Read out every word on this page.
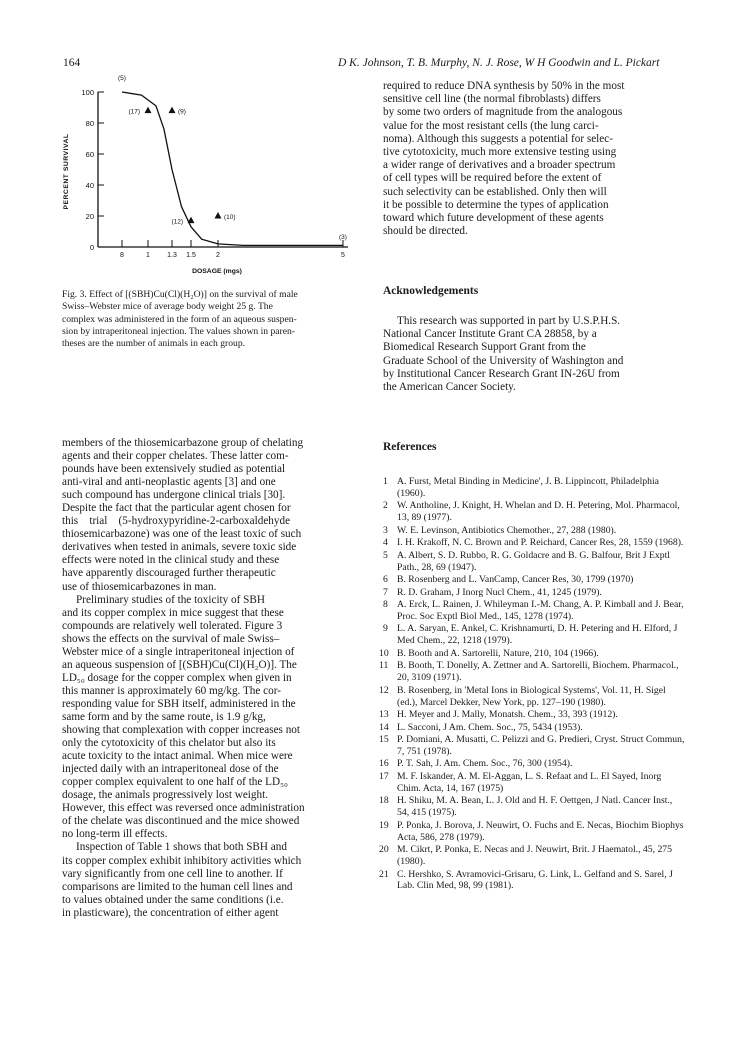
164	D K. Johnson, T. B. Murphy, N. J. Rose, W H Goodwin and L. Pickart
0
20
40
60
80
100
8	1 1.3 1.5	2	5
(5)
(17)	(9)
(12)
(10)
(3)
DOSAGE (mgs)
PERCENT SURVIVAL
Fig. 3. Effect of [(SBH)Cu(Cl)(H₂O)] on the survival of male
Swiss–Webster mice of average body weight 25 g. The
complex was administered in the form of an aqueous suspen-
sion by intraperitoneal injection. The values shown in paren-
theses are the number of animals in each group.
members of the thiosemicarbazone group of chelating
agents and their copper chelates. These latter com-
pounds have been extensively studied as potential
anti-viral and anti-neoplastic agents [3] and one
such compound has undergone clinical trials [30].
Despite the fact that the particular agent chosen for
this    trial    (5-hydroxypyridine-2-carboxaldehyde
thiosemicarbazone) was one of the least toxic of such
derivatives when tested in animals, severe toxic side
effects were noted in the clinical study and these
have apparently discouraged further therapeutic
use of thiosemicarbazones in man.
Preliminary studies of the toxicity of SBH
and its copper complex in mice suggest that these
compounds are relatively well tolerated. Figure 3
shows the effects on the survival of male Swiss–
Webster mice of a single intraperitoneal injection of
an aqueous suspension of [(SBH)Cu(Cl)(H₂O)]. The
LD₅₀ dosage for the copper complex when given in
this manner is approximately 60 mg/kg. The cor-
responding value for SBH itself, administered in the
same form and by the same route, is 1.9 g/kg,
showing that complexation with copper increases not
only the cytotoxicity of this chelator but also its
acute toxicity to the intact animal. When mice were
injected daily with an intraperitoneal dose of the
copper complex equivalent to one half of the LD₅₀
dosage, the animals progressively lost weight.
However, this effect was reversed once administration
of the chelate was discontinued and the mice showed
no long-term ill effects.
Inspection of Table 1 shows that both SBH and
its copper complex exhibit inhibitory activities which
vary significantly from one cell line to another. If
comparisons are limited to the human cell lines and
to values obtained under the same conditions (i.e.
in plasticware), the concentration of either agent
required to reduce DNA synthesis by 50% in the most
sensitive cell line (the normal fibroblasts) differs
by some two orders of magnitude from the analogous
value for the most resistant cells (the lung carci-
noma). Although this suggests a potential for selec-
tive cytotoxicity, much more extensive testing using
a wider range of derivatives and a broader spectrum
of cell types will be required before the extent of
such selectivity can be established. Only then will
it be possible to determine the types of application
toward which future development of these agents
should be directed.
Acknowledgements
This research was supported in part by U.S.P.H.S.
National Cancer Institute Grant CA 28858, by a
Biomedical Research Support Grant from the
Graduate School of the University of Washington and
by Institutional Cancer Research Grant IN-26U from
the American Cancer Society.
References
1 A. Furst, Metal Binding in Medicine', J. B. Lippincott, Philadelphia (1960).
2 W. Antholine, J. Knight, H. Whelan and D. H. Petering, Mol. Pharmacol, 13, 89 (1977).
3 W. E. Levinson, Antibiotics Chemother., 27, 288 (1980).
4 I. H. Krakoff, N. C. Brown and P. Reichard, Cancer Res, 28, 1559 (1968).
5 A. Albert, S. D. Rubbo, R. G. Goldacre and B. G. Balfour, Brit J Exptl Path., 28, 69 (1947).
6 B. Rosenberg and L. VanCamp, Cancer Res, 30, 1799 (1970)
7 R. D. Graham, J Inorg Nucl Chem., 41, 1245 (1979).
8 A. Erck, L. Rainen, J. Whileyman I.-M. Chang, A. P. Kimball and J. Bear, Proc. Soc Exptl Biol Med., 145, 1278 (1974).
9 L. A. Saryan, E. Ankel, C. Krishnamurti, D. H. Petering and H. Elford, J Med Chem., 22, 1218 (1979).
10 B. Booth and A. Sartorelli, Nature, 210, 104 (1966).
11 B. Booth, T. Donelly, A. Zettner and A. Sartorelli, Biochem. Pharmacol., 20, 3109 (1971).
12 B. Rosenberg, in 'Metal Ions in Biological Systems', Vol. 11, H. Sigel (ed.), Marcel Dekker, New York, pp. 127–190 (1980).
13 H. Meyer and J. Mally, Monatsh. Chem., 33, 393 (1912).
14 L. Sacconi, J Am. Chem. Soc., 75, 5434 (1953).
15 P. Domiani, A. Musatti, C. Pelizzi and G. Predieri, Cryst. Struct Commun, 7, 751 (1978).
16 P. T. Sah, J. Am. Chem. Soc., 76, 300 (1954).
17 M. F. Iskander, A. M. El-Aggan, L. S. Refaat and L. El Sayed, Inorg Chim. Acta, 14, 167 (1975)
18 H. Shiku, M. A. Bean, L. J. Old and H. F. Oettgen, J Natl. Cancer Inst., 54, 415 (1975).
19 P. Ponka, J. Borova, J. Neuwirt, O. Fuchs and E. Necas, Biochim Biophys Acta, 586, 278 (1979).
20 M. Cikrt, P. Ponka, E. Necas and J. Neuwirt, Brit. J Haematol., 45, 275 (1980).
21 C. Hershko, S. Avramovici-Grisaru, G. Link, L. Gelfand and S. Sarel, J Lab. Clin Med, 98, 99 (1981).
